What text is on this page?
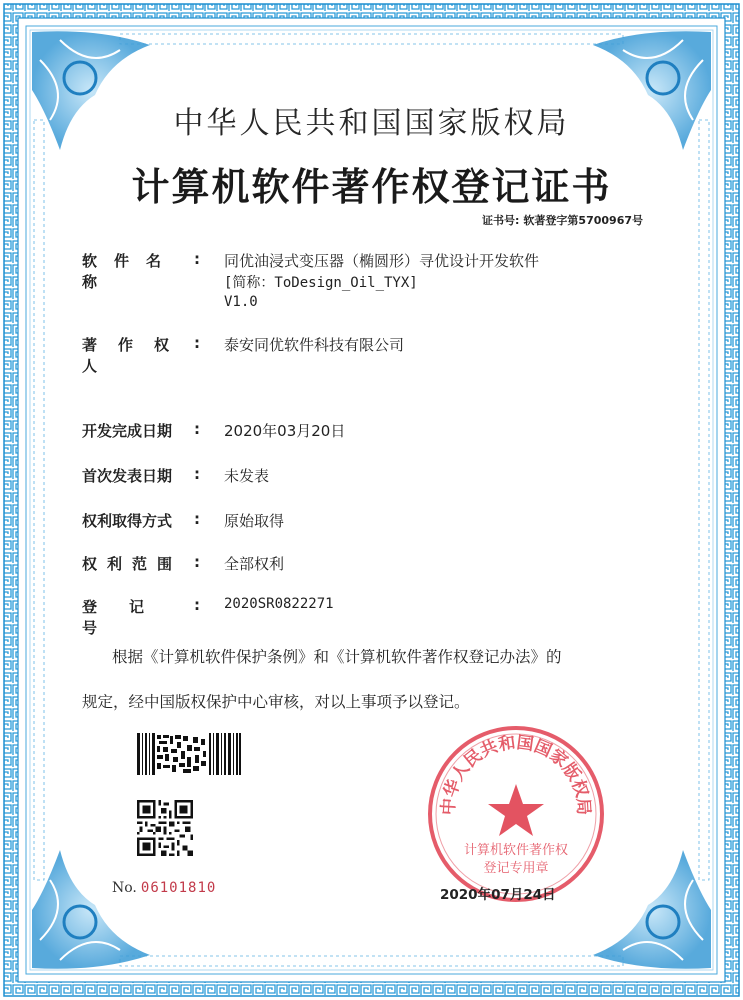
中华人民共和国国家版权局
计算机软件著作权登记证书
证书号: 软著登字第5700967号
软件名称
: 同优油浸式变压器（椭圆形）寻优设计开发软件
[简称：ToDesign_Oil_TYX]
V1.0
著作权人
: 泰安同优软件科技有限公司
开发完成日期	: 2020年03月20日
首次发表日期	: 未发表
权利取得方式	: 原始取得
权利范围 : 全部权利
登记号
: 2020SR0822271
根据《计算机软件保护条例》和《计算机软件著作权登记办法》的
规定，经中国版权保护中心审核，对以上事项予以登记。
No. 06101810
中华人民共和国国家版权局
计算机软件著作权
登记专用章
2020年07月24日
